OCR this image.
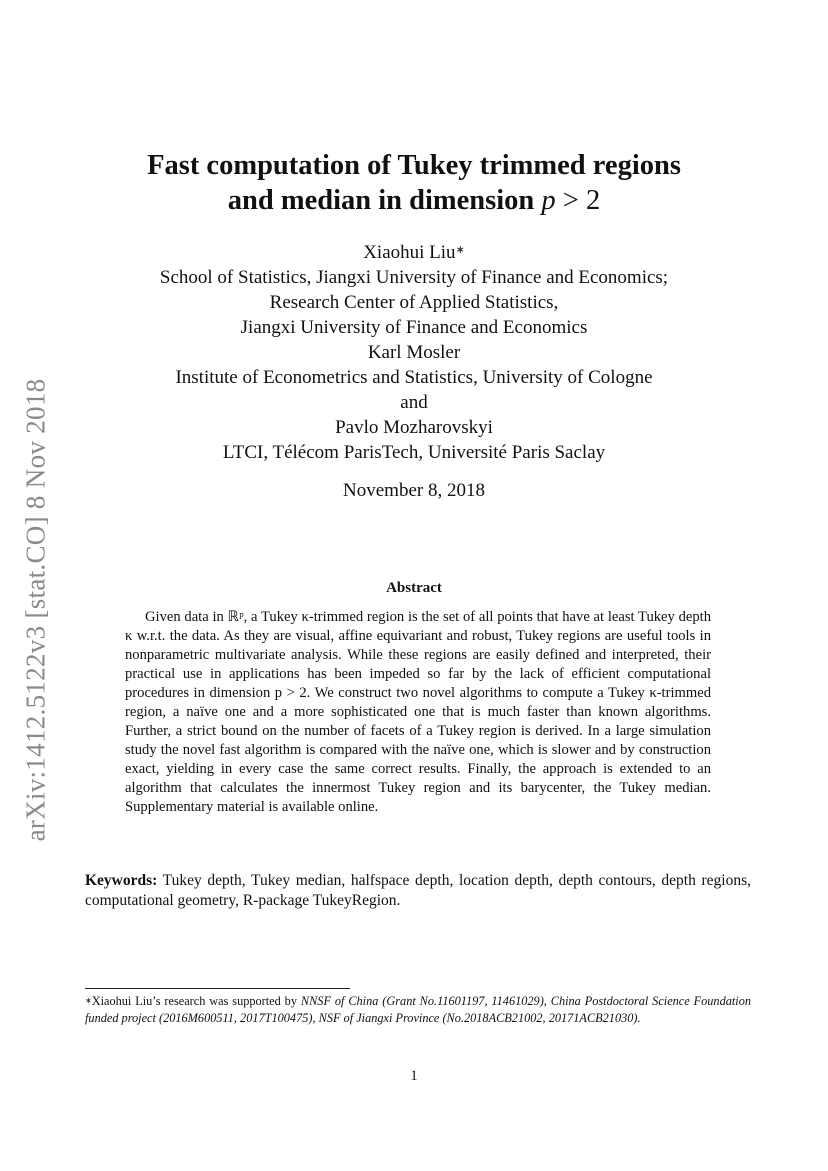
arXiv:1412.5122v3 [stat.CO] 8 Nov 2018
Fast computation of Tukey trimmed regions
and median in dimension p > 2
Xiaohui Liu∗
School of Statistics, Jiangxi University of Finance and Economics;
Research Center of Applied Statistics,
Jiangxi University of Finance and Economics
Karl Mosler
Institute of Econometrics and Statistics, University of Cologne
and
Pavlo Mozharovskyi
LTCI, Télécom ParisTech, Université Paris Saclay
November 8, 2018
Abstract
Given data in ℝᵖ, a Tukey κ-trimmed region is the set of all points that have at least Tukey depth κ w.r.t. the data. As they are visual, affine equivariant and robust, Tukey regions are useful tools in nonparametric multivariate analysis. While these regions are easily defined and interpreted, their practical use in applications has been impeded so far by the lack of efficient computational procedures in dimension p > 2. We construct two novel algorithms to compute a Tukey κ-trimmed region, a naïve one and a more sophisticated one that is much faster than known algorithms. Further, a strict bound on the number of facets of a Tukey region is derived. In a large simulation study the novel fast algorithm is compared with the naïve one, which is slower and by construction exact, yielding in every case the same correct results. Finally, the approach is extended to an algorithm that calculates the innermost Tukey region and its barycenter, the Tukey median. Supplementary material is available online.
Keywords: Tukey depth, Tukey median, halfspace depth, location depth, depth contours, depth regions, computational geometry, R-package TukeyRegion.
∗Xiaohui Liu’s research was supported by NNSF of China (Grant No.11601197, 11461029), China Postdoctoral Science Foundation funded project (2016M600511, 2017T100475), NSF of Jiangxi Province (No.2018ACB21002, 20171ACB21030).
1
